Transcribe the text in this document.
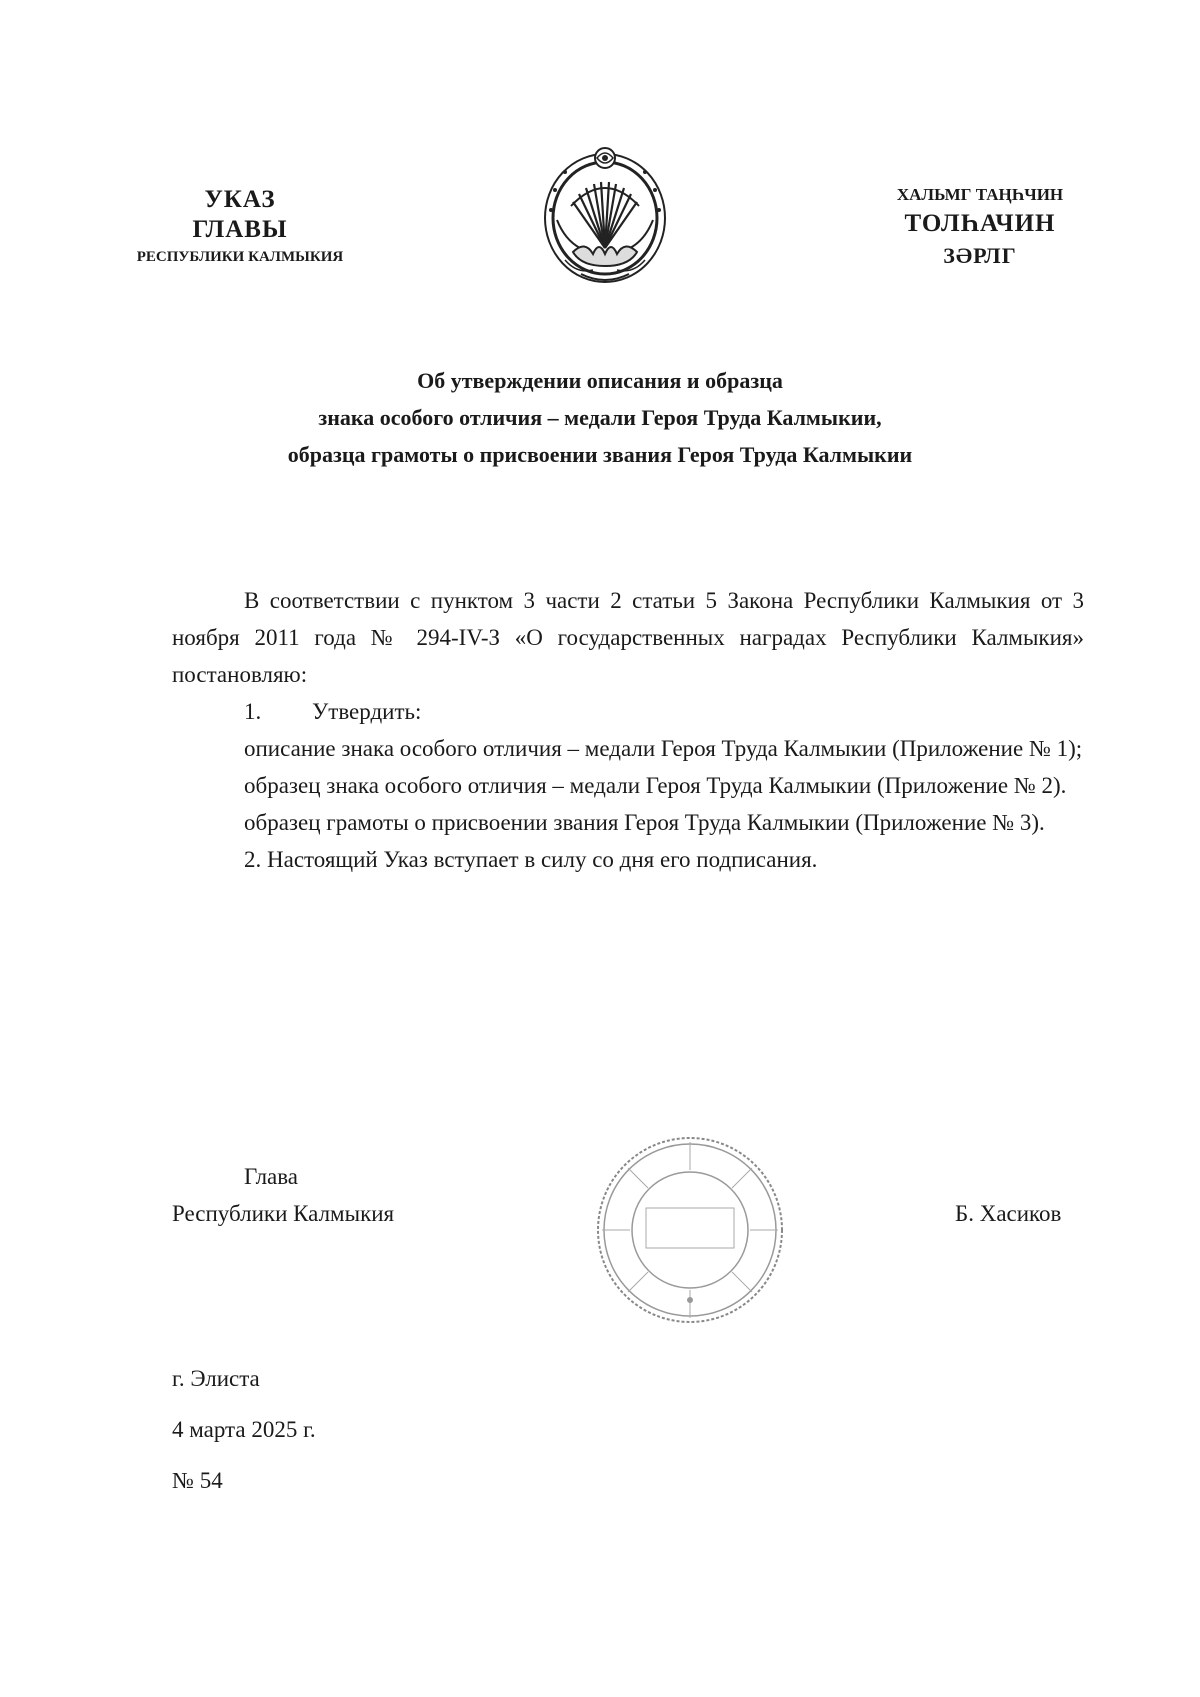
УКАЗ
ГЛАВЫ
РЕСПУБЛИКИ КАЛМЫКИЯ
ХАЛЬМГ ТАҢҺЧИН
ТОЛҺАЧИН
ЗӘРЛГ
Об утверждении описания и образца
знака особого отличия – медали Героя Труда Калмыкии,
образца грамоты о присвоении звания Героя Труда Калмыкии

В соответствии с пунктом 3 части 2 статьи 5 Закона Республики Калмыкия от 3 ноября 2011 года № 294-IV-З «О государственных наградах Республики Калмыкия» постановляю:

1. Утвердить:

описание знака особого отличия – медали Героя Труда Калмыкии (Приложение № 1);

образец знака особого отличия – медали Героя Труда Калмыкии (Приложение № 2).

образец грамоты о присвоении звания Героя Труда Калмыкии (Приложение № 3).

2. Настоящий Указ вступает в силу со дня его подписания.

Глава
Республики Калмыкия	Б. Хасиков
г. Элиста
4 марта 2025 г.
№ 54
